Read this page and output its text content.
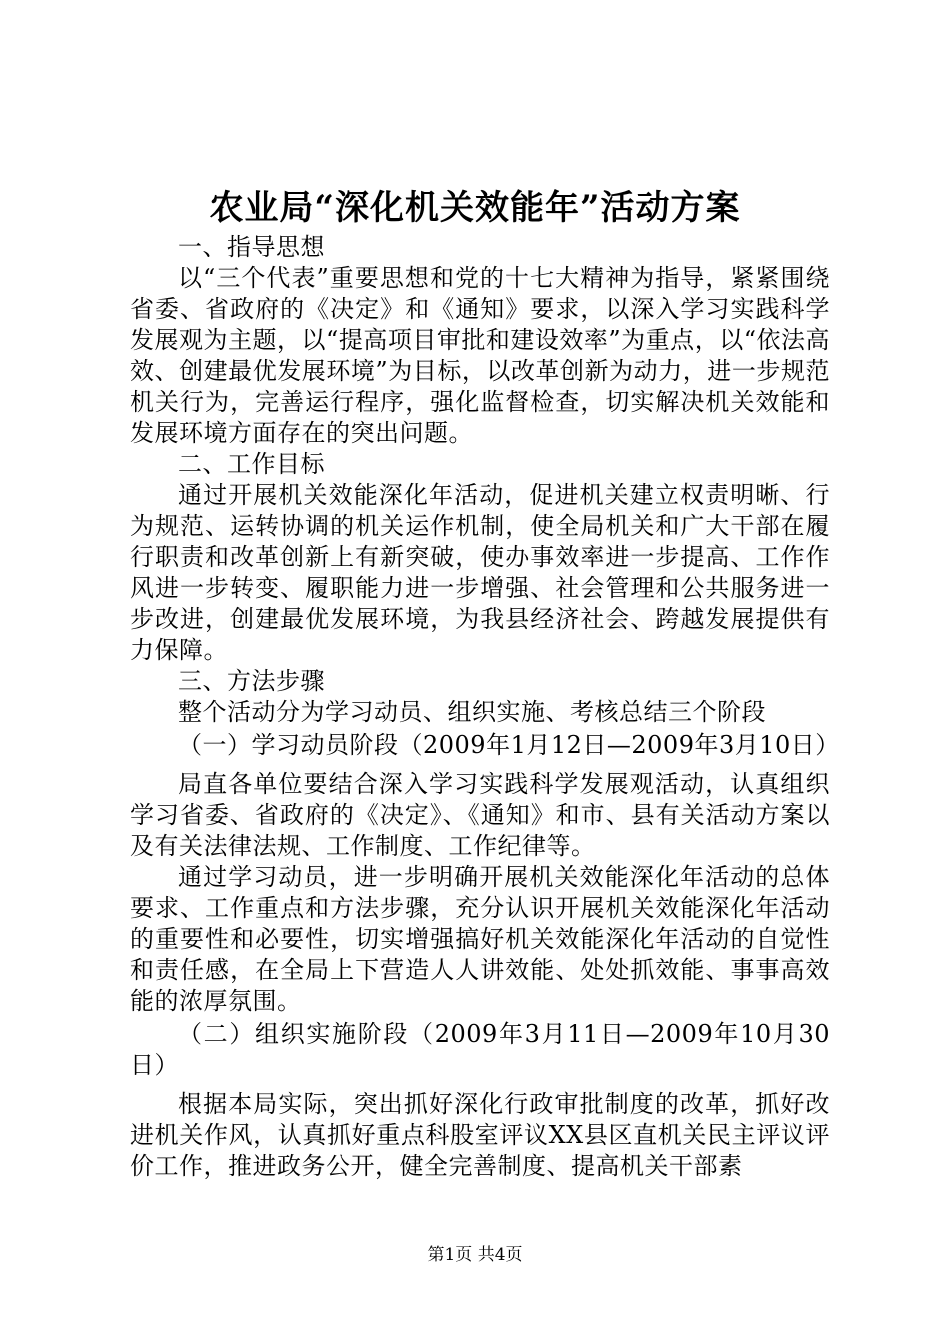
农业局“深化机关效能年”活动方案

一、指导思想

以“三个代表”重要思想和党的十七大精神为指导，紧紧围绕省委、省政府的《决定》和《通知》要求，以深入学习实践科学发展观为主题，以“提高项目审批和建设效率”为重点，以“依法高效、创建最优发展环境”为目标，以改革创新为动力，进一步规范机关行为，完善运行程序，强化监督检查，切实解决机关效能和发展环境方面存在的突出问题。

二、工作目标

通过开展机关效能深化年活动，促进机关建立权责明晰、行为规范、运转协调的机关运作机制，使全局机关和广大干部在履行职责和改革创新上有新突破，使办事效率进一步提高、工作作风进一步转变、履职能力进一步增强、社会管理和公共服务进一步改进，创建最优发展环境，为我县经济社会、跨越发展提供有力保障。

三、方法步骤

整个活动分为学习动员、组织实施、考核总结三个阶段

（一）学习动员阶段（2009年1月12日—2009年3月10日）

局直各单位要结合深入学习实践科学发展观活动，认真组织学习省委、省政府的《决定》、《通知》和市、县有关活动方案以及有关法律法规、工作制度、工作纪律等。

通过学习动员，进一步明确开展机关效能深化年活动的总体要求、工作重点和方法步骤，充分认识开展机关效能深化年活动的重要性和必要性，切实增强搞好机关效能深化年活动的自觉性和责任感，在全局上下营造人人讲效能、处处抓效能、事事高效能的浓厚氛围。

（二）组织实施阶段（2009年3月11日—2009年10月30日）

根据本局实际，突出抓好深化行政审批制度的改革，抓好改进机关作风，认真抓好重点科股室评议XX县区直机关民主评议评价工作，推进政务公开，健全完善制度、提高机关干部素

第1页 共4页
